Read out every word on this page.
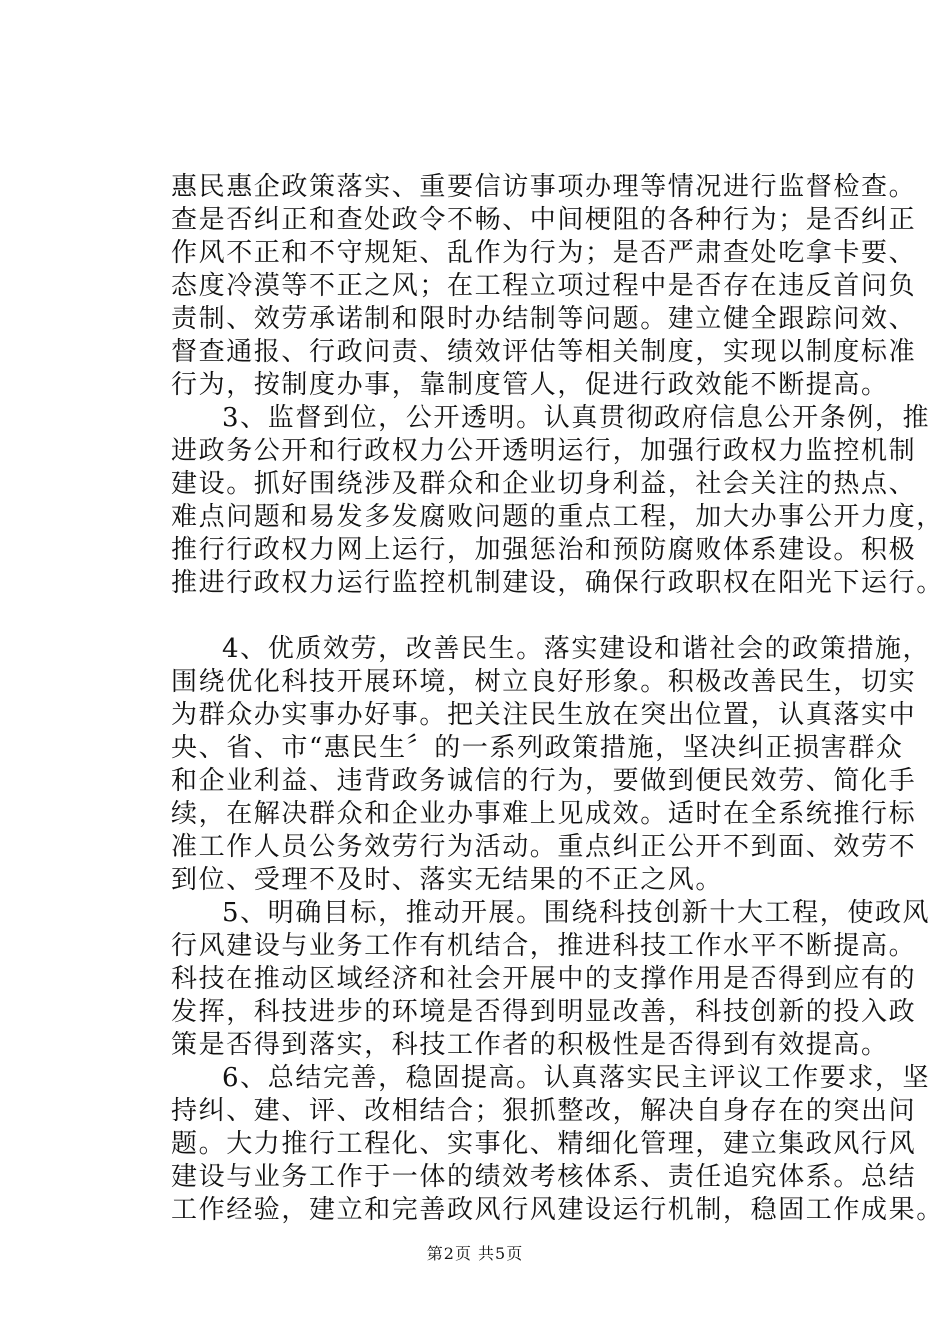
惠民惠企政策落实、重要信访事项办理等情况进行监督检查。
查是否纠正和查处政令不畅、中间梗阻的各种行为；是否纠正
作风不正和不守规矩、乱作为行为；是否严肃查处吃拿卡要、
态度冷漠等不正之风；在工程立项过程中是否存在违反首问负
责制、效劳承诺制和限时办结制等问题。建立健全跟踪问效、
督查通报、行政问责、绩效评估等相关制度，实现以制度标准
行为，按制度办事，靠制度管人，促进行政效能不断提高。
3、监督到位，公开透明。认真贯彻政府信息公开条例，推
进政务公开和行政权力公开透明运行，加强行政权力监控机制
建设。抓好围绕涉及群众和企业切身利益，社会关注的热点、
难点问题和易发多发腐败问题的重点工程，加大办事公开力度，
推行行政权力网上运行，加强惩治和预防腐败体系建设。积极
推进行政权力运行监控机制建设，确保行政职权在阳光下运行。
4、优质效劳，改善民生。落实建设和谐社会的政策措施，
围绕优化科技开展环境，树立良好形象。积极改善民生，切实
为群众办实事办好事。把关注民生放在突出位置，认真落实中
央、省、市“惠民生〞的一系列政策措施，坚决纠正损害群众
和企业利益、违背政务诚信的行为，要做到便民效劳、简化手
续，在解决群众和企业办事难上见成效。适时在全系统推行标
准工作人员公务效劳行为活动。重点纠正公开不到面、效劳不
到位、受理不及时、落实无结果的不正之风。
5、明确目标，推动开展。围绕科技创新十大工程，使政风
行风建设与业务工作有机结合，推进科技工作水平不断提高。
科技在推动区域经济和社会开展中的支撑作用是否得到应有的
发挥，科技进步的环境是否得到明显改善，科技创新的投入政
策是否得到落实，科技工作者的积极性是否得到有效提高。
6、总结完善，稳固提高。认真落实民主评议工作要求，坚
持纠、建、评、改相结合；狠抓整改，解决自身存在的突出问
题。大力推行工程化、实事化、精细化管理，建立集政风行风
建设与业务工作于一体的绩效考核体系、责任追究体系。总结
工作经验，建立和完善政风行风建设运行机制，稳固工作成果。
第2页 共5页
